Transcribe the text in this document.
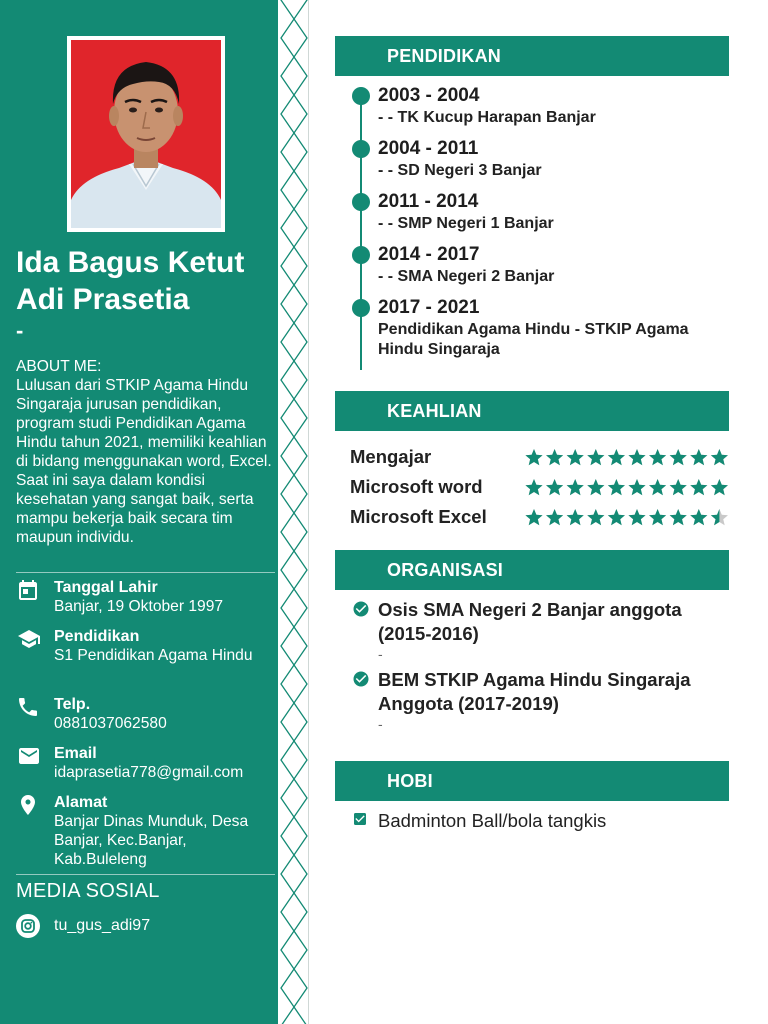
Ida Bagus Ketut Adi Prasetia
-
ABOUT ME:
Lulusan dari STKIP Agama Hindu Singaraja jurusan pendidikan, program studi Pendidikan Agama Hindu tahun 2021, memiliki keahlian di bidang menggunakan word, Excel. Saat ini saya dalam kondisi kesehatan yang sangat baik, serta mampu bekerja baik secara tim maupun individu.
Tanggal Lahir
Banjar, 19 Oktober 1997
Pendidikan
S1 Pendidikan Agama Hindu
Telp.
0881037062580
Email
idaprasetia778@gmail.com
Alamat
Banjar Dinas Munduk, Desa Banjar, Kec.Banjar, Kab.Buleleng
MEDIA SOSIAL
tu_gus_adi97
PENDIDIKAN
2003 - 2004
- - TK Kucup Harapan Banjar
2004 - 2011
- - SD Negeri 3 Banjar
2011 - 2014
- - SMP Negeri 1 Banjar
2014 - 2017
- - SMA Negeri 2 Banjar
2017 - 2021
Pendidikan Agama Hindu - STKIP Agama Hindu Singaraja
KEAHLIAN
Mengajar
Microsoft word
Microsoft Excel
ORGANISASI
Osis SMA Negeri 2 Banjar anggota (2015-2016)
-
BEM STKIP Agama Hindu Singaraja Anggota (2017-2019)
-
HOBI
Badminton Ball/bola tangkis
